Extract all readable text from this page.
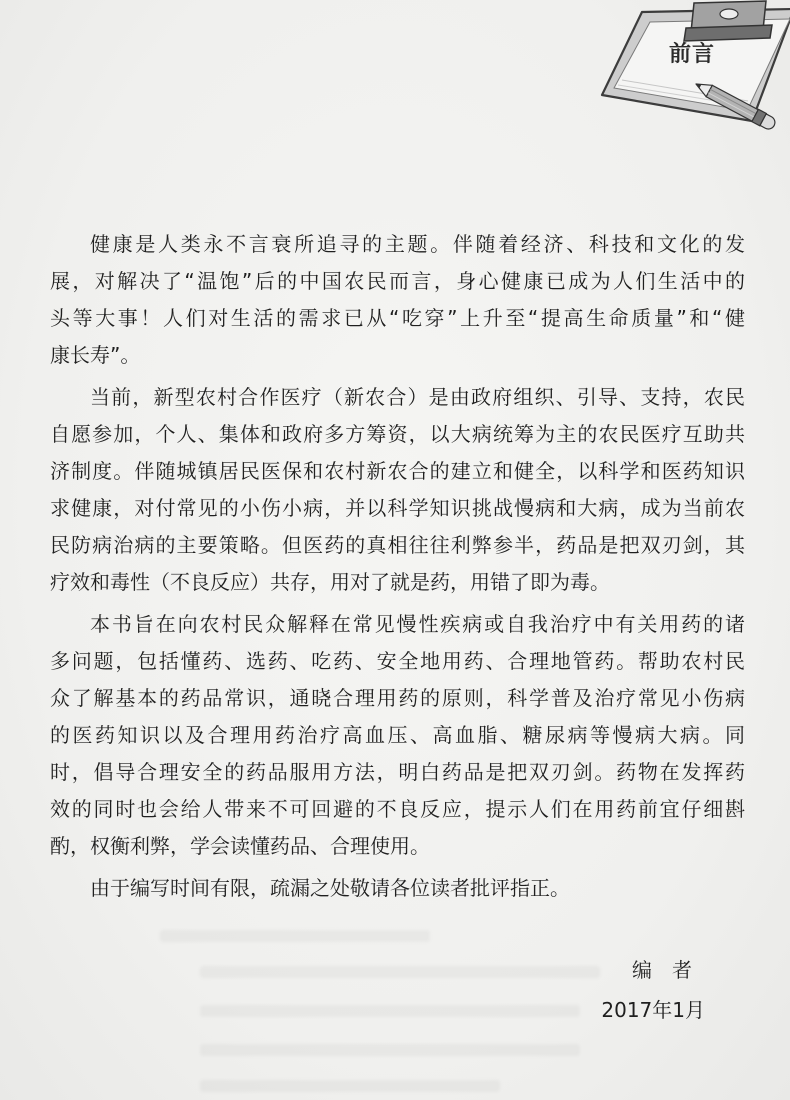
前言
健康是人类永不言衰所追寻的主题。伴随着经济、科技和文化的发
展，对解决了“温饱”后的中国农民而言，身心健康已成为人们生活中的
头等大事！人们对生活的需求已从“吃穿”上升至“提高生命质量”和“健
康长寿”。
当前，新型农村合作医疗（新农合）是由政府组织、引导、支持，农民
自愿参加，个人、集体和政府多方筹资，以大病统筹为主的农民医疗互助共
济制度。伴随城镇居民医保和农村新农合的建立和健全，以科学和医药知识
求健康，对付常见的小伤小病，并以科学知识挑战慢病和大病，成为当前农
民防病治病的主要策略。但医药的真相往往利弊参半，药品是把双刃剑，其
疗效和毒性（不良反应）共存，用对了就是药，用错了即为毒。
本书旨在向农村民众解释在常见慢性疾病或自我治疗中有关用药的诸
多问题，包括懂药、选药、吃药、安全地用药、合理地管药。帮助农村民
众了解基本的药品常识，通晓合理用药的原则，科学普及治疗常见小伤病
的医药知识以及合理用药治疗高血压、高血脂、糖尿病等慢病大病。同
时，倡导合理安全的药品服用方法，明白药品是把双刃剑。药物在发挥药
效的同时也会给人带来不可回避的不良反应，提示人们在用药前宜仔细斟
酌，权衡利弊，学会读懂药品、合理使用。
由于编写时间有限，疏漏之处敬请各位读者批评指正。
编　者
2017年1月
